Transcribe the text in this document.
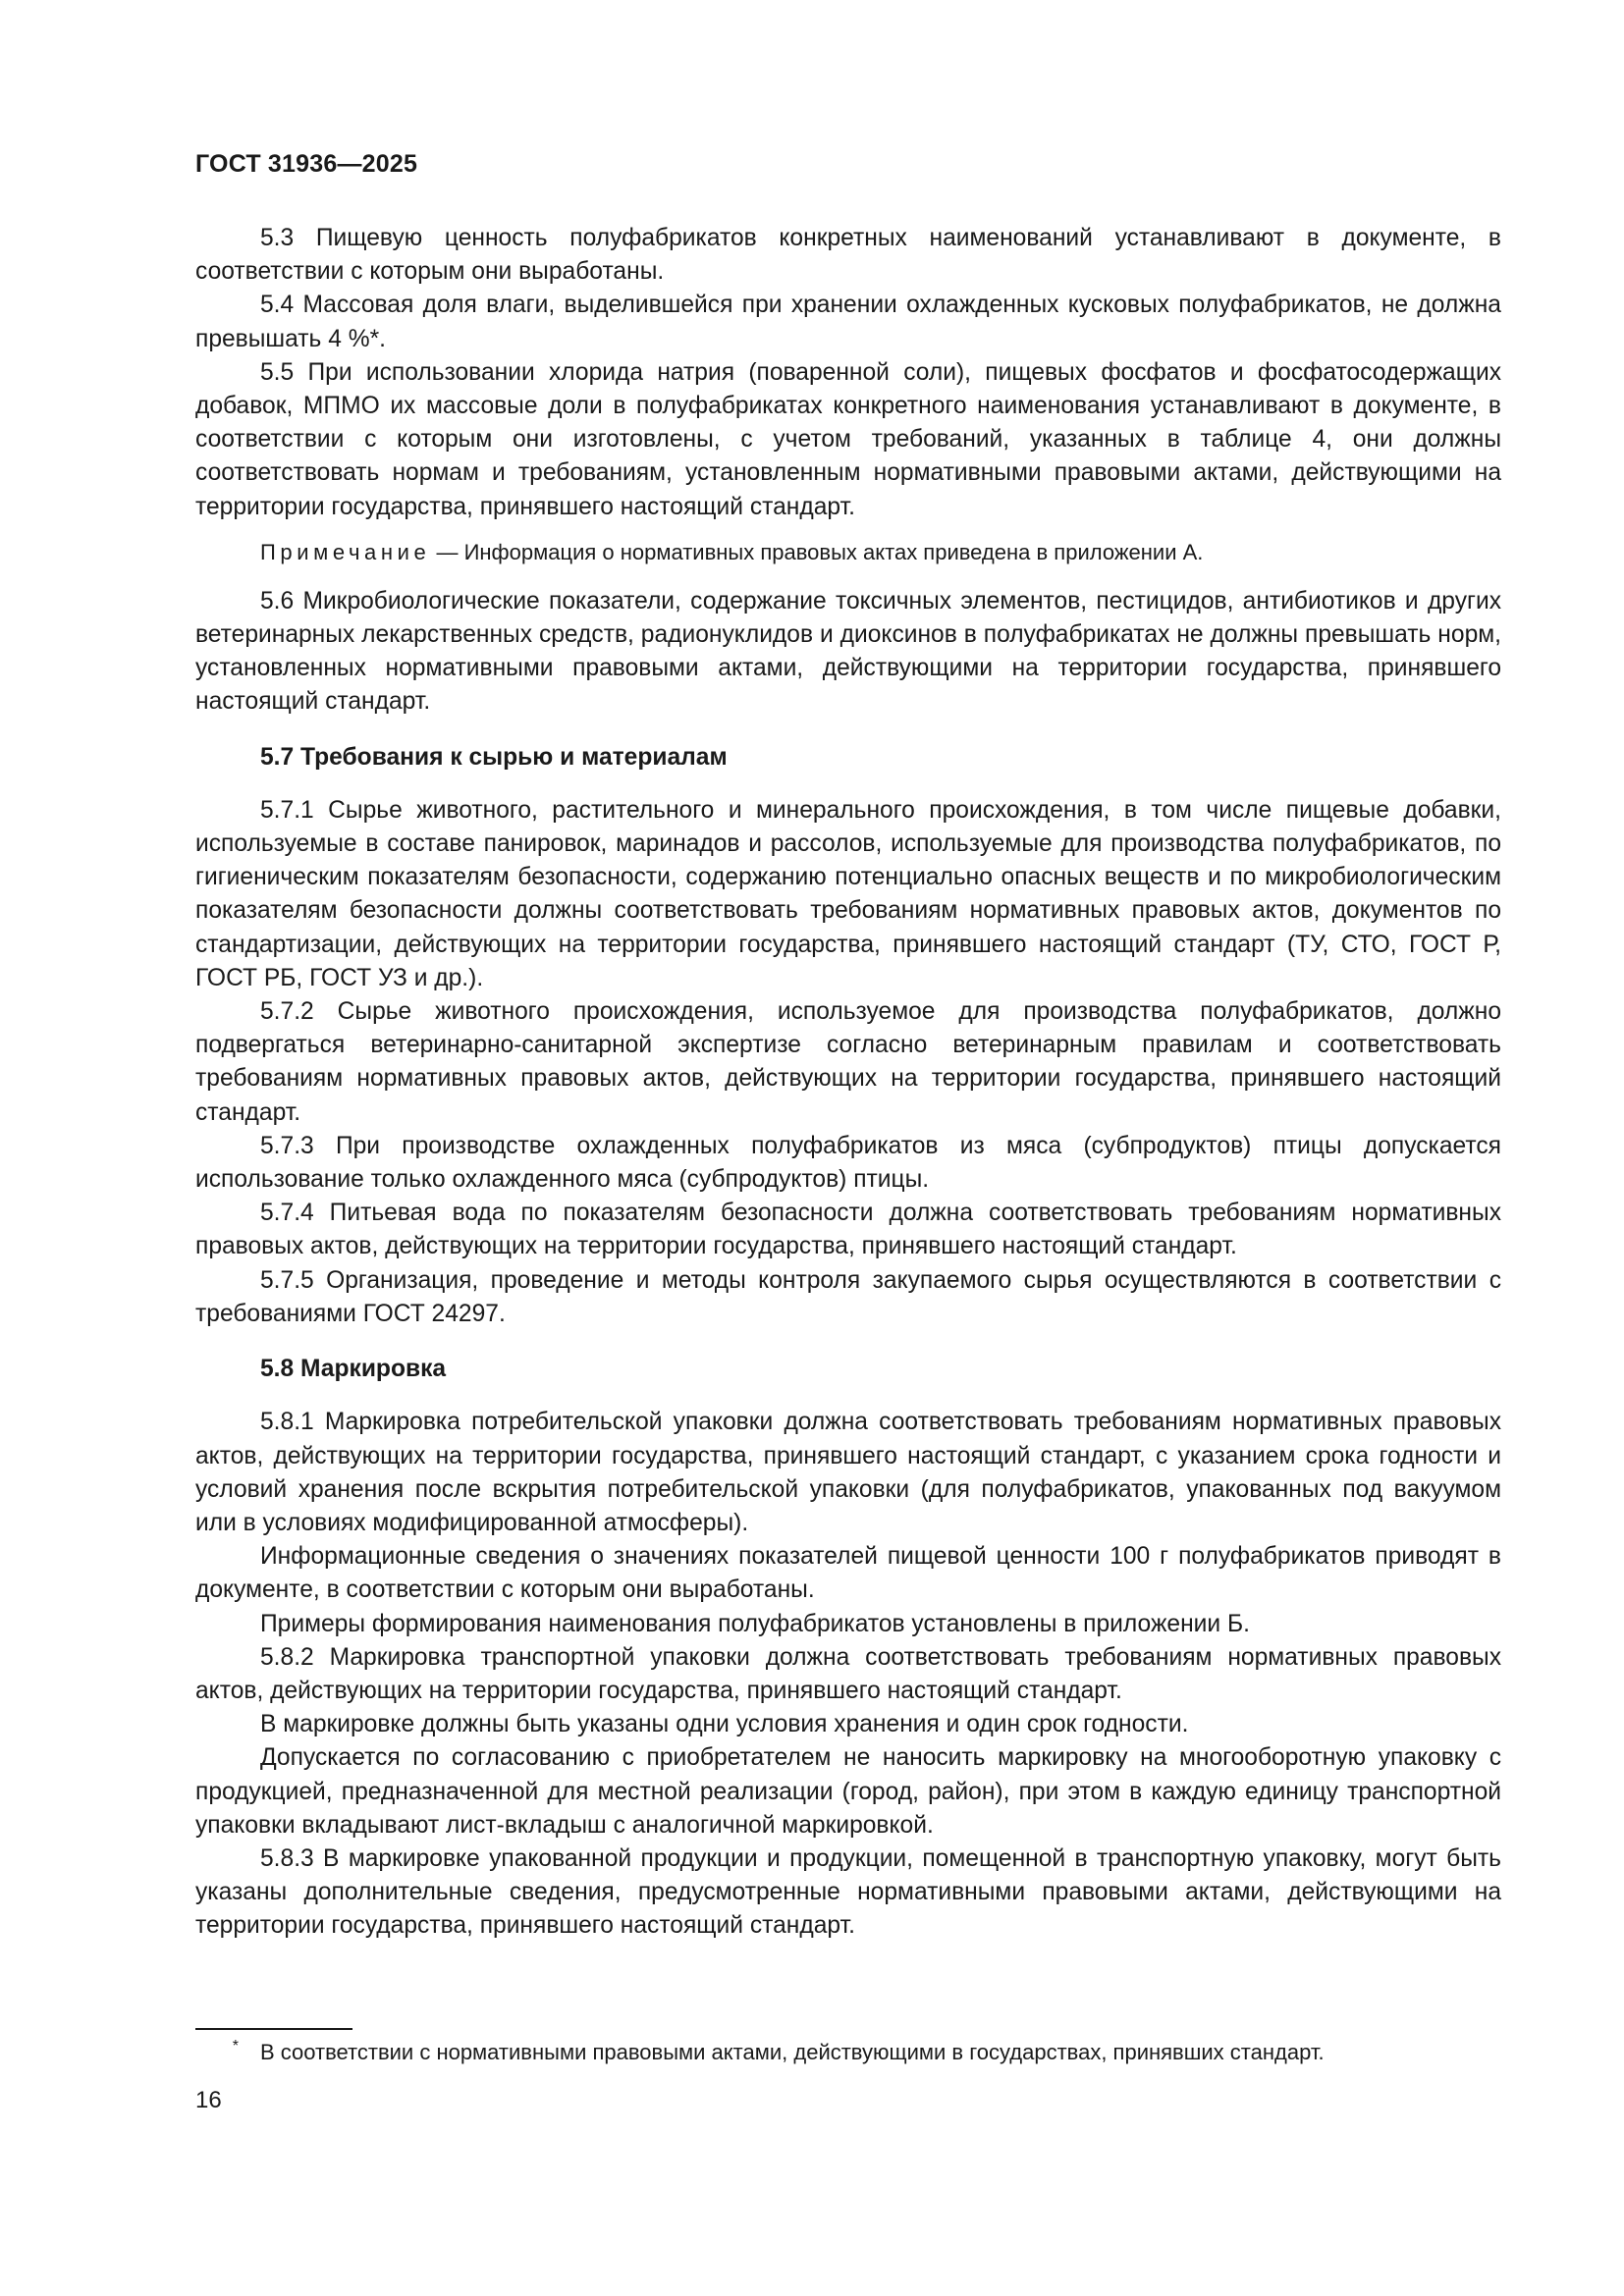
ГОСТ 31936—2025

5.3 Пищевую ценность полуфабрикатов конкретных наименований устанавливают в документе, в соответствии с которым они выработаны.

5.4 Массовая доля влаги, выделившейся при хранении охлажденных кусковых полуфабрикатов, не должна превышать 4 %*.

5.5 При использовании хлорида натрия (поваренной соли), пищевых фосфатов и фосфатосодержащих добавок, МПМО их массовые доли в полуфабрикатах конкретного наименования устанавливают в документе, в соответствии с которым они изготовлены, с учетом требований, указанных в таблице 4, они должны соответствовать нормам и требованиям, установленным нормативными правовыми актами, действующими на территории государства, принявшего настоящий стандарт.

Примечание — Информация о нормативных правовых актах приведена в приложении А.

5.6 Микробиологические показатели, содержание токсичных элементов, пестицидов, антибиотиков и других ветеринарных лекарственных средств, радионуклидов и диоксинов в полуфабрикатах не должны превышать норм, установленных нормативными правовыми актами, действующими на территории государства, принявшего настоящий стандарт.

5.7 Требования к сырью и материалам

5.7.1 Сырье животного, растительного и минерального происхождения, в том числе пищевые добавки, используемые в составе панировок, маринадов и рассолов, используемые для производства полуфабрикатов, по гигиеническим показателям безопасности, содержанию потенциально опасных веществ и по микробиологическим показателям безопасности должны соответствовать требованиям нормативных правовых актов, документов по стандартизации, действующих на территории государства, принявшего настоящий стандарт (ТУ, СТО, ГОСТ Р, ГОСТ РБ, ГОСТ УЗ и др.).

5.7.2 Сырье животного происхождения, используемое для производства полуфабрикатов, должно подвергаться ветеринарно-санитарной экспертизе согласно ветеринарным правилам и соответствовать требованиям нормативных правовых актов, действующих на территории государства, принявшего настоящий стандарт.

5.7.3 При производстве охлажденных полуфабрикатов из мяса (субпродуктов) птицы допускается использование только охлажденного мяса (субпродуктов) птицы.

5.7.4 Питьевая вода по показателям безопасности должна соответствовать требованиям нормативных правовых актов, действующих на территории государства, принявшего настоящий стандарт.

5.7.5 Организация, проведение и методы контроля закупаемого сырья осуществляются в соответствии с требованиями ГОСТ 24297.

5.8 Маркировка

5.8.1 Маркировка потребительской упаковки должна соответствовать требованиям нормативных правовых актов, действующих на территории государства, принявшего настоящий стандарт, с указанием срока годности и условий хранения после вскрытия потребительской упаковки (для полуфабрикатов, упакованных под вакуумом или в условиях модифицированной атмосферы).

Информационные сведения о значениях показателей пищевой ценности 100 г полуфабрикатов приводят в документе, в соответствии с которым они выработаны.

Примеры формирования наименования полуфабрикатов установлены в приложении Б.

5.8.2 Маркировка транспортной упаковки должна соответствовать требованиям нормативных правовых актов, действующих на территории государства, принявшего настоящий стандарт.

В маркировке должны быть указаны одни условия хранения и один срок годности.

Допускается по согласованию с приобретателем не наносить маркировку на многооборотную упаковку с продукцией, предназначенной для местной реализации (город, район), при этом в каждую единицу транспортной упаковки вкладывают лист-вкладыш с аналогичной маркировкой.

5.8.3 В маркировке упакованной продукции и продукции, помещенной в транспортную упаковку, могут быть указаны дополнительные сведения, предусмотренные нормативными правовыми актами, действующими на территории государства, принявшего настоящий стандарт.

* В соответствии с нормативными правовыми актами, действующими в государствах, принявших стандарт.
16
